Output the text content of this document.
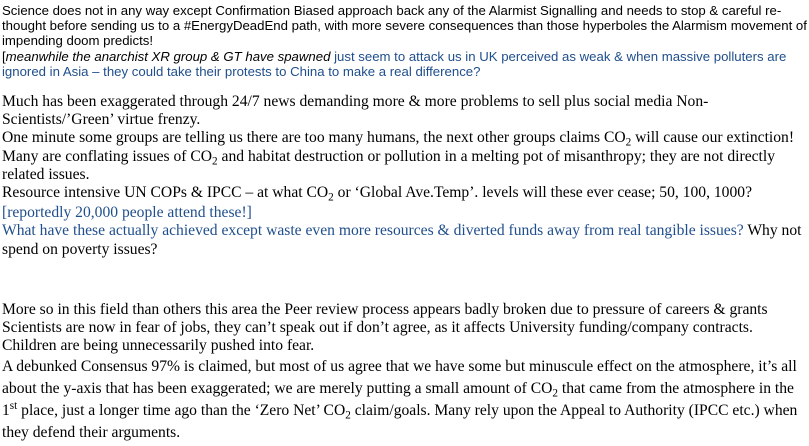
Science does not in any way except Confirmation Biased approach back any of the Alarmist Signalling and needs to stop & careful re-thought before sending us to a #EnergyDeadEnd path, with more severe consequences than those hyperboles the Alarmism movement of impending doom predicts!

[meanwhile the anarchist XR group & GT have spawned just seem to attack us in UK perceived as weak & when massive polluters are ignored in Asia – they could take their protests to China to make a real difference?

Much has been exaggerated through 24/7 news demanding more & more problems to sell plus social media Non-Scientists/’Green’ virtue frenzy.

One minute some groups are telling us there are too many humans, the next other groups claims $CO_2$ will cause our extinction!

Many are conflating issues of $CO_2$ and habitat destruction or pollution in a melting pot of misanthropy; they are not directly related issues.

Resource intensive UN COPs & IPCC – at what $CO_2$ or ‘Global Ave.Temp’. levels will these ever cease; 50, 100, 1000?

[reportedly 20,000 people attend these!]

What have these actually achieved except waste even more resources & diverted funds away from real tangible issues? Why not spend on poverty issues?

More so in this field than others this area the Peer review process appears badly broken due to pressure of careers & grants

Scientists are now in fear of jobs, they can’t speak out if don’t agree, as it affects University funding/company contracts.

Children are being unnecessarily pushed into fear.

A debunked Consensus 97% is claimed, but most of us agree that we have some but minuscule effect on the atmosphere, it’s all about the y-axis that has been exaggerated; we are merely putting a small amount of $CO_2$ that came from the atmosphere in the 1st place, just a longer time ago than the ‘Zero Net’ $CO_2$ claim/goals. Many rely upon the Appeal to Authority (IPCC etc.) when they defend their arguments.
